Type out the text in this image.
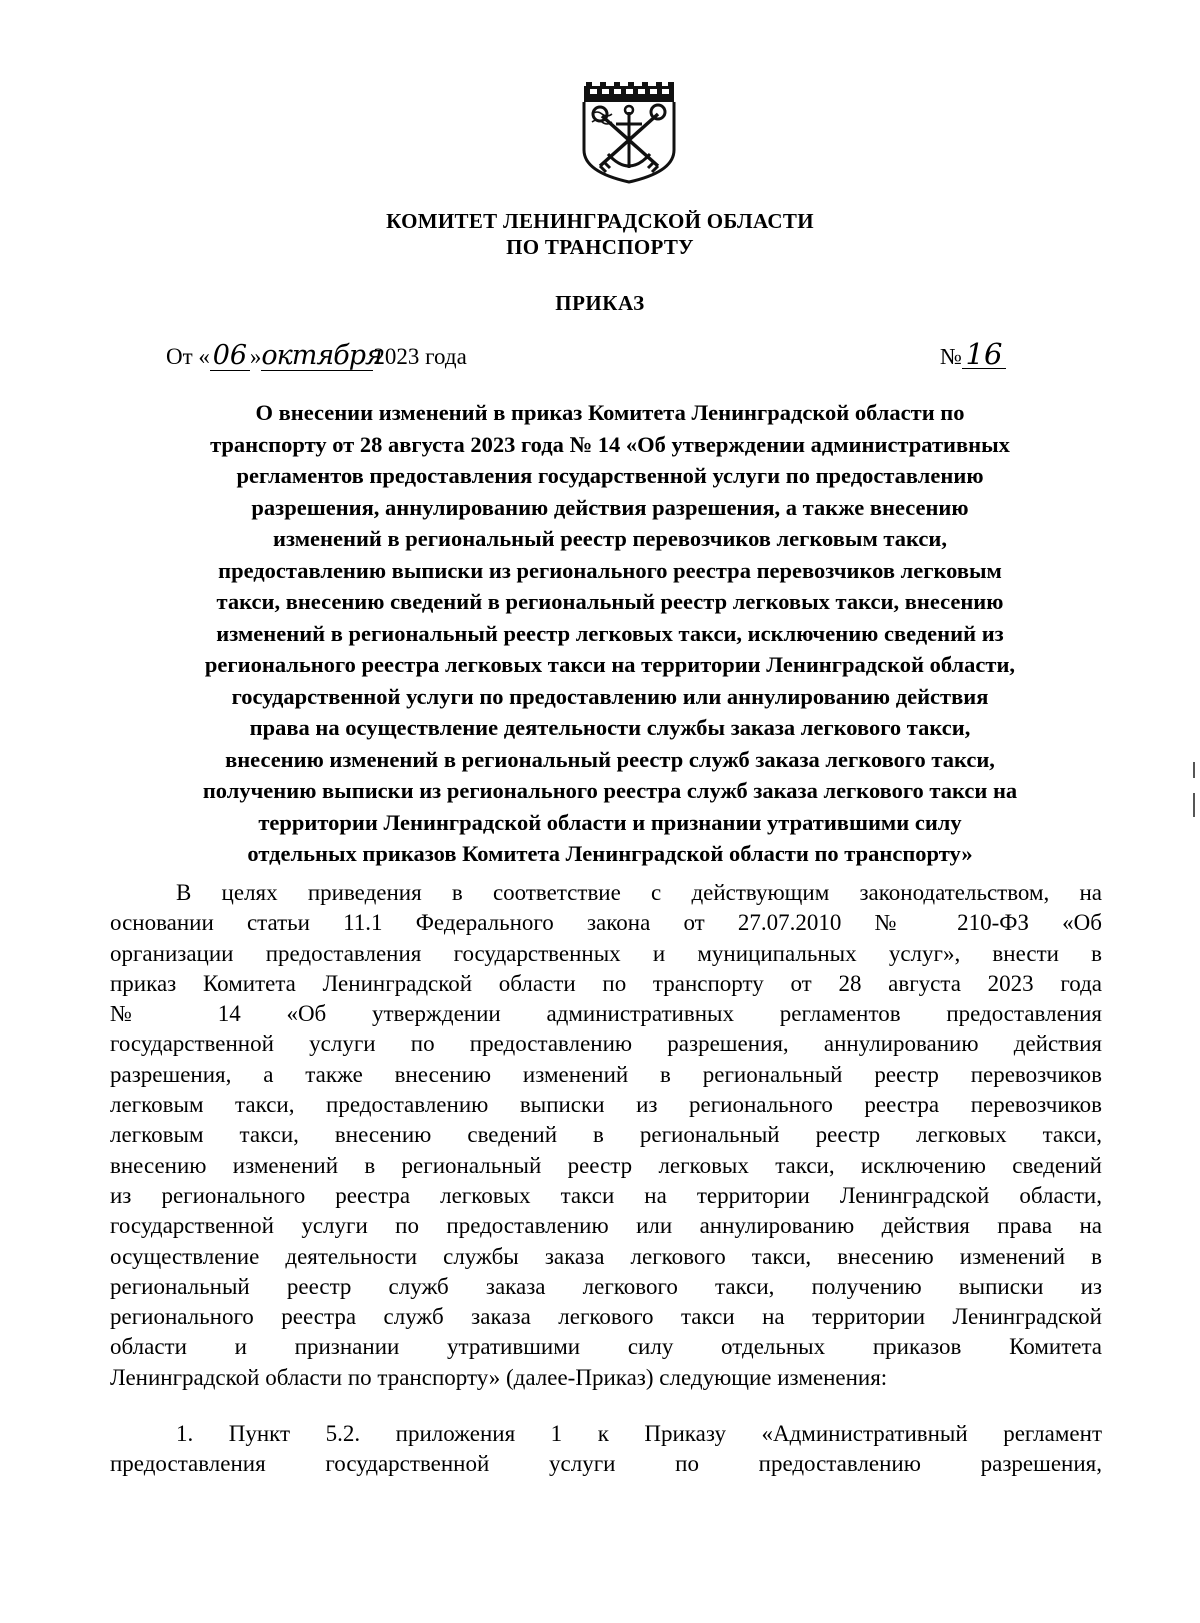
КОМИТЕТ ЛЕНИНГРАДСКОЙ ОБЛАСТИ
ПО ТРАНСПОРТУ
ПРИКАЗ
От « 06 »октября2023 года	№ 16
О внесении изменений в приказ Комитета Ленинградской области по
транспорту от 28 августа 2023 года № 14 «Об утверждении административных
регламентов предоставления государственной услуги по предоставлению
разрешения, аннулированию действия разрешения, а также внесению
изменений в региональный реестр перевозчиков легковым такси,
предоставлению выписки из регионального реестра перевозчиков легковым
такси, внесению сведений в региональный реестр легковых такси, внесению
изменений в региональный реестр легковых такси, исключению сведений из
регионального реестра легковых такси на территории Ленинградской области,
государственной услуги по предоставлению или аннулированию действия
права на осуществление деятельности службы заказа легкового такси,
внесению изменений в региональный реестр служб заказа легкового такси,
получению выписки из регионального реестра служб заказа легкового такси на
территории Ленинградской области и признании утратившими силу
отдельных приказов Комитета Ленинградской области по транспорту»
В целях приведения в соответствие с действующим законодательством, на
основании статьи 11.1 Федерального закона от 27.07.2010 № 210-ФЗ «Об
организации предоставления государственных и муниципальных услуг», внести в
приказ Комитета Ленинградской области по транспорту от 28 августа 2023 года
№ 14 «Об утверждении административных регламентов предоставления
государственной услуги по предоставлению разрешения, аннулированию действия
разрешения, а также внесению изменений в региональный реестр перевозчиков
легковым такси, предоставлению выписки из регионального реестра перевозчиков
легковым такси, внесению сведений в региональный реестр легковых такси,
внесению изменений в региональный реестр легковых такси, исключению сведений
из регионального реестра легковых такси на территории Ленинградской области,
государственной услуги по предоставлению или аннулированию действия права на
осуществление деятельности службы заказа легкового такси, внесению изменений в
региональный реестр служб заказа легкового такси, получению выписки из
регионального реестра служб заказа легкового такси на территории Ленинградской
области и признании утратившими силу отдельных приказов Комитета
Ленинградской области по транспорту» (далее-Приказ) следующие изменения:
1. Пункт 5.2. приложения 1 к Приказу «Административный регламент
предоставления государственной услуги по предоставлению разрешения,
